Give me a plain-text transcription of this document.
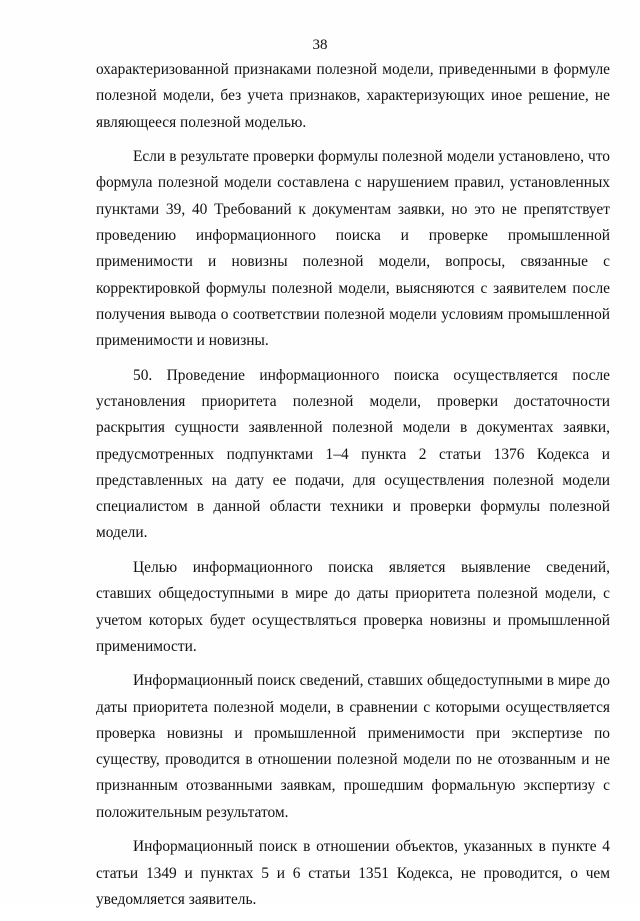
38

охарактеризованной признаками полезной модели, приведенными в формуле полезной модели, без учета признаков, характеризующих иное решение, не являющееся полезной моделью.

Если в результате проверки формулы полезной модели установлено, что формула полезной модели составлена с нарушением правил, установленных пунктами 39, 40 Требований к документам заявки, но это не препятствует проведению информационного поиска и проверке промышленной применимости и новизны полезной модели, вопросы, связанные с корректировкой формулы полезной модели, выясняются с заявителем после получения вывода о соответствии полезной модели условиям промышленной применимости и новизны.

50. Проведение информационного поиска осуществляется после установления приоритета полезной модели, проверки достаточности раскрытия сущности заявленной полезной модели в документах заявки, предусмотренных подпунктами 1–4 пункта 2 статьи 1376 Кодекса и представленных на дату ее подачи, для осуществления полезной модели специалистом в данной области техники и проверки формулы полезной модели.

Целью информационного поиска является выявление сведений, ставших общедоступными в мире до даты приоритета полезной модели, с учетом которых будет осуществляться проверка новизны и промышленной применимости.

Информационный поиск сведений, ставших общедоступными в мире до даты приоритета полезной модели, в сравнении с которыми осуществляется проверка новизны и промышленной применимости при экспертизе по существу, проводится в отношении полезной модели по не отозванным и не признанным отозванными заявкам, прошедшим формальную экспертизу с положительным результатом.

Информационный поиск в отношении объектов, указанных в пункте 4 статьи 1349 и пунктах 5 и 6 статьи 1351 Кодекса, не проводится, о чем уведомляется заявитель.
